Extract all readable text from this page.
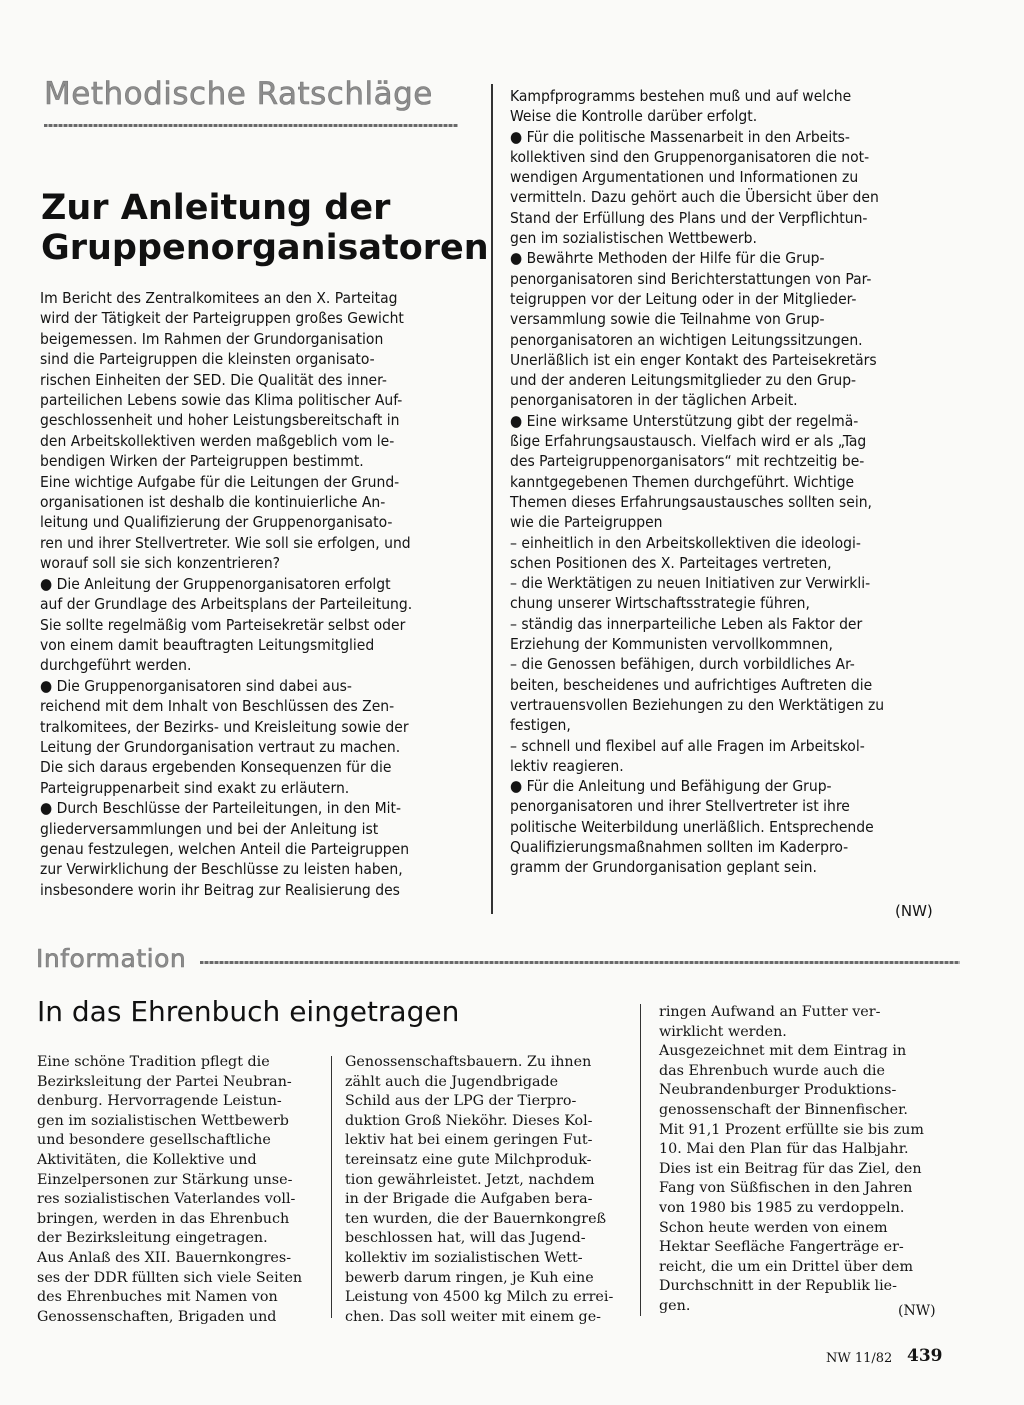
Methodische Ratschläge
Zur Anleitung der
Gruppenorganisatoren

Im Bericht des Zentralkomitees an den X. Parteitag

wird der Tätigkeit der Parteigruppen großes Gewicht

beigemessen. Im Rahmen der Grundorganisation

sind die Parteigruppen die kleinsten organisato-

rischen Einheiten der SED. Die Qualität des inner-

parteilichen Lebens sowie das Klima politischer Auf-

geschlossenheit und hoher Leistungsbereitschaft in

den Arbeitskollektiven werden maßgeblich vom le-

bendigen Wirken der Parteigruppen bestimmt.

Eine wichtige Aufgabe für die Leitungen der Grund-

organisationen ist deshalb die kontinuierliche An-

leitung und Qualifizierung der Gruppenorganisato-

ren und ihrer Stellvertreter. Wie soll sie erfolgen, und

worauf soll sie sich konzentrieren?

● Die Anleitung der Gruppenorganisatoren erfolgt

auf der Grundlage des Arbeitsplans der Parteileitung.

Sie sollte regelmäßig vom Parteisekretär selbst oder

von einem damit beauftragten Leitungsmitglied

durchgeführt werden.

● Die Gruppenorganisatoren sind dabei aus-

reichend mit dem Inhalt von Beschlüssen des Zen-

tralkomitees, der Bezirks- und Kreisleitung sowie der

Leitung der Grundorganisation vertraut zu machen.

Die sich daraus ergebenden Konsequenzen für die

Parteigruppenarbeit sind exakt zu erläutern.

● Durch Beschlüsse der Parteileitungen, in den Mit-

gliederversammlungen und bei der Anleitung ist

genau festzulegen, welchen Anteil die Parteigruppen

zur Verwirklichung der Beschlüsse zu leisten haben,

insbesondere worin ihr Beitrag zur Realisierung des

Kampfprogramms bestehen muß und auf welche

Weise die Kontrolle darüber erfolgt.

● Für die politische Massenarbeit in den Arbeits-

kollektiven sind den Gruppenorganisatoren die not-

wendigen Argumentationen und Informationen zu

vermitteln. Dazu gehört auch die Übersicht über den

Stand der Erfüllung des Plans und der Verpflichtun-

gen im sozialistischen Wettbewerb.

● Bewährte Methoden der Hilfe für die Grup-

penorganisatoren sind Berichterstattungen von Par-

teigruppen vor der Leitung oder in der Mitglieder-

versammlung sowie die Teilnahme von Grup-

penorganisatoren an wichtigen Leitungssitzungen.

Unerläßlich ist ein enger Kontakt des Parteisekretärs

und der anderen Leitungsmitglieder zu den Grup-

penorganisatoren in der täglichen Arbeit.

● Eine wirksame Unterstützung gibt der regelmä-

ßige Erfahrungsaustausch. Vielfach wird er als „Tag

des Parteigruppenorganisators“ mit rechtzeitig be-

kanntgegebenen Themen durchgeführt. Wichtige

Themen dieses Erfahrungsaustausches sollten sein,

wie die Parteigruppen

– einheitlich in den Arbeitskollektiven die ideologi-

schen Positionen des X. Parteitages vertreten,

– die Werktätigen zu neuen Initiativen zur Verwirkli-

chung unserer Wirtschaftsstrategie führen,

– ständig das innerparteiliche Leben als Faktor der

Erziehung der Kommunisten vervollkommnen,

– die Genossen befähigen, durch vorbildliches Ar-

beiten, bescheidenes und aufrichtiges Auftreten die

vertrauensvollen Beziehungen zu den Werktätigen zu

festigen,

– schnell und flexibel auf alle Fragen im Arbeitskol-

lektiv reagieren.

● Für die Anleitung und Befähigung der Grup-

penorganisatoren und ihrer Stellvertreter ist ihre

politische Weiterbildung unerläßlich. Entsprechende

Qualifizierungsmaßnahmen sollten im Kaderpro-

gramm der Grundorganisation geplant sein.

(NW)
Information
In das Ehrenbuch eingetragen

Eine schöne Tradition pflegt die

Bezirksleitung der Partei Neubran-

denburg. Hervorragende Leistun-

gen im sozialistischen Wettbewerb

und besondere gesellschaftliche

Aktivitäten, die Kollektive und

Einzelpersonen zur Stärkung unse-

res sozialistischen Vaterlandes voll-

bringen, werden in das Ehrenbuch

der Bezirksleitung eingetragen.

Aus Anlaß des XII. Bauernkongres-

ses der DDR füllten sich viele Seiten

des Ehrenbuches mit Namen von

Genossenschaften, Brigaden und

Genossenschaftsbauern. Zu ihnen

zählt auch die Jugendbrigade

Schild aus der LPG der Tierpro-

duktion Groß Nieköhr. Dieses Kol-

lektiv hat bei einem geringen Fut-

tereinsatz eine gute Milchproduk-

tion gewährleistet. Jetzt, nachdem

in der Brigade die Aufgaben bera-

ten wurden, die der Bauernkongreß

beschlossen hat, will das Jugend-

kollektiv im sozialistischen Wett-

bewerb darum ringen, je Kuh eine

Leistung von 4500 kg Milch zu errei-

chen. Das soll weiter mit einem ge-

ringen Aufwand an Futter ver-

wirklicht werden.

Ausgezeichnet mit dem Eintrag in

das Ehrenbuch wurde auch die

Neubrandenburger Produktions-

genossenschaft der Binnenfischer.

Mit 91,1 Prozent erfüllte sie bis zum

10. Mai den Plan für das Halbjahr.

Dies ist ein Beitrag für das Ziel, den

Fang von Süßfischen in den Jahren

von 1980 bis 1985 zu verdoppeln.

Schon heute werden von einem

Hektar Seefläche Fangerträge er-

reicht, die um ein Drittel über dem

Durchschnitt in der Republik lie-

gen.	(NW)
NW 11/82 439
